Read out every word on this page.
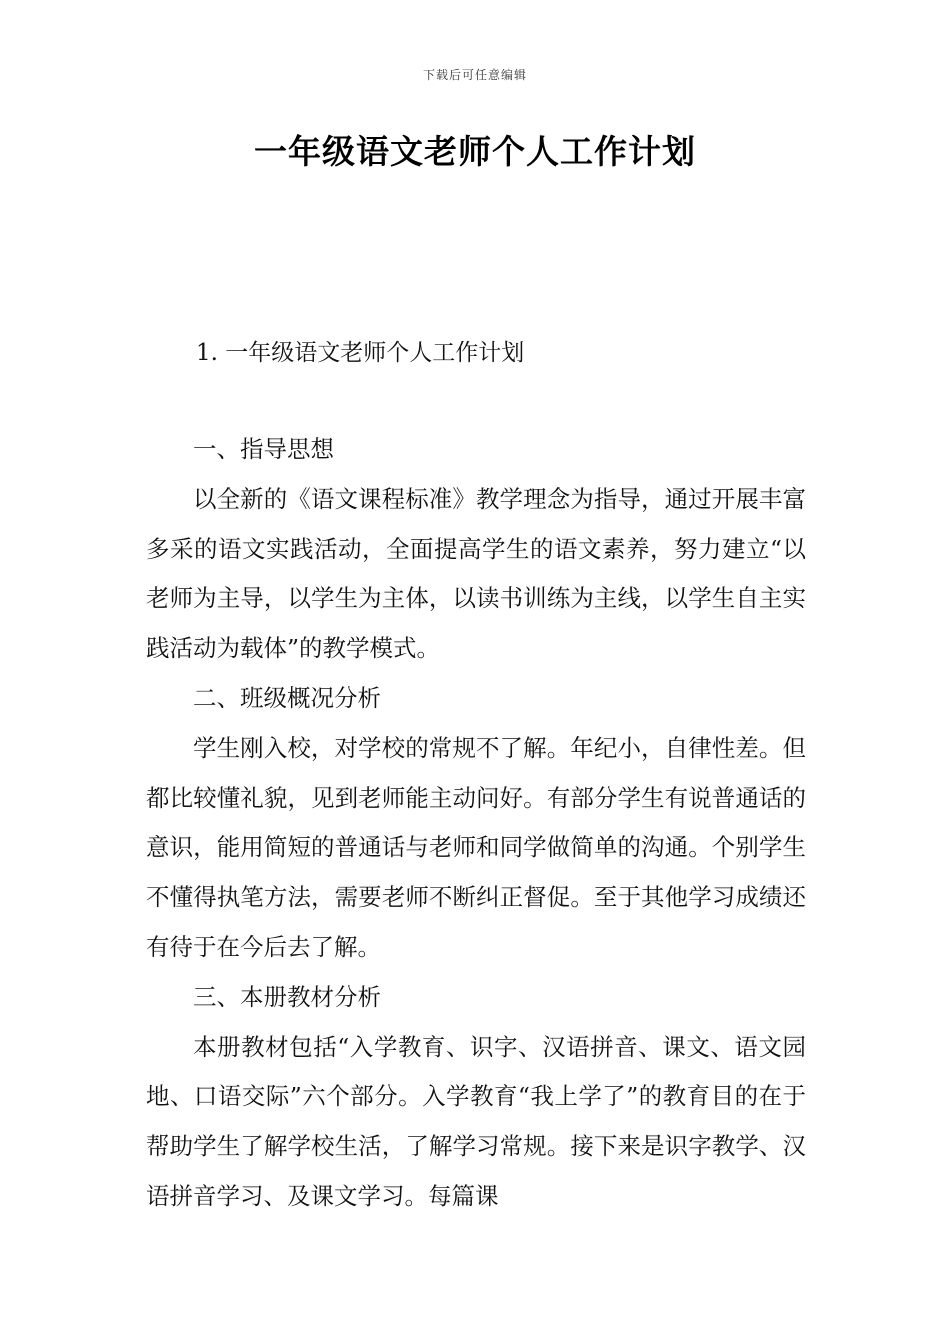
下载后可任意编辑
一年级语文老师个人工作计划
1. 一年级语文老师个人工作计划
一、指导思想

以全新的《语文课程标准》教学理念为指导，通过开展丰富多采的语文实践活动，全面提高学生的语文素养，努力建立“以老师为主导，以学生为主体，以读书训练为主线，以学生自主实践活动为载体”的教学模式。

二、班级概况分析

学生刚入校，对学校的常规不了解。年纪小，自律性差。但都比较懂礼貌，见到老师能主动问好。有部分学生有说普通话的意识，能用简短的普通话与老师和同学做简单的沟通。个别学生不懂得执笔方法，需要老师不断纠正督促。至于其他学习成绩还有待于在今后去了解。

三、本册教材分析

本册教材包括“入学教育、识字、汉语拼音、课文、语文园地、口语交际”六个部分。入学教育“我上学了”的教育目的在于帮助学生了解学校生活，了解学习常规。接下来是识字教学、汉语拼音学习、及课文学习。每篇课
